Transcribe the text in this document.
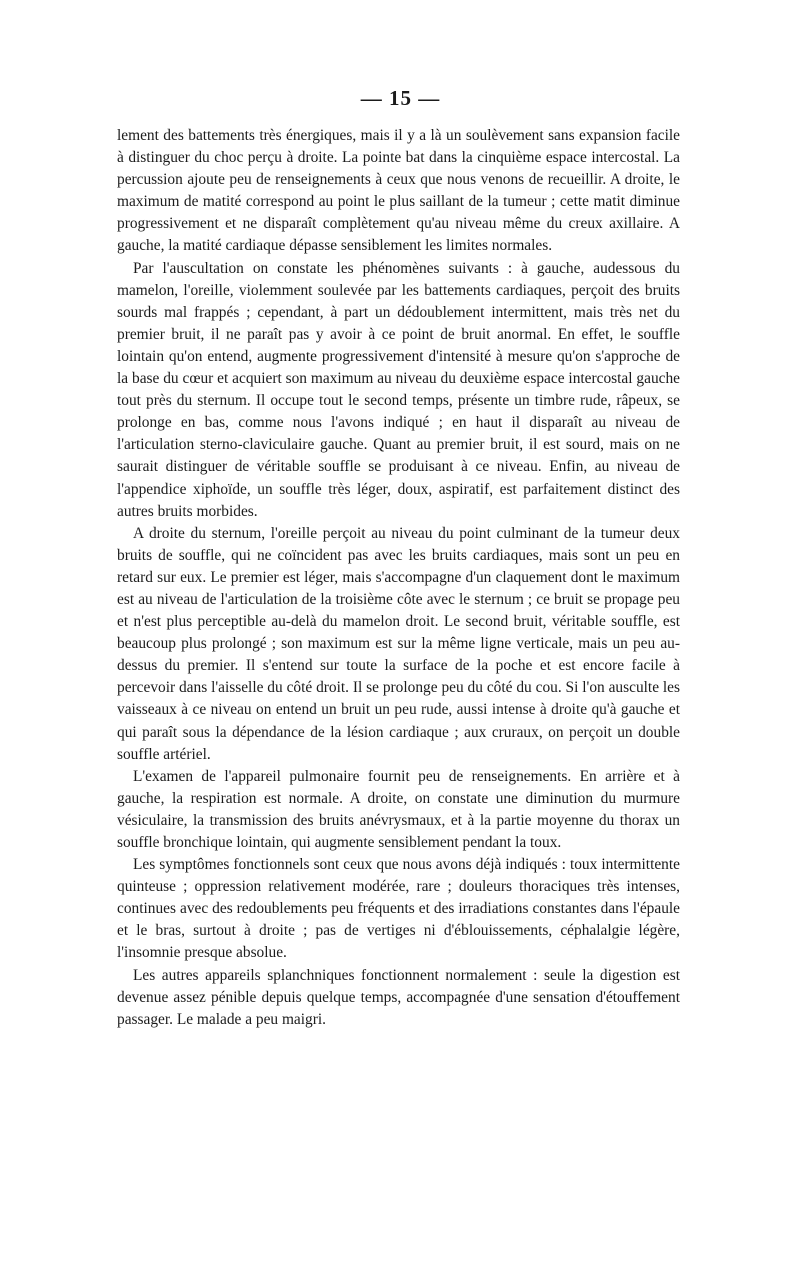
— 15 —

lement des battements très énergiques, mais il y a là un soulèvement sans expansion facile à distinguer du choc perçu à droite. La pointe bat dans la cinquième espace intercostal. La percussion ajoute peu de renseignements à ceux que nous venons de recueillir. A droite, le maximum de matité correspond au point le plus saillant de la tumeur ; cette matit diminue progressivement et ne disparaît complètement qu'au niveau même du creux axillaire. A gauche, la matité cardiaque dépasse sensiblement les limites normales.

Par l'auscultation on constate les phénomènes suivants : à gauche, audessous du mamelon, l'oreille, violemment soulevée par les battements cardiaques, perçoit des bruits sourds mal frappés ; cependant, à part un dédoublement intermittent, mais très net du premier bruit, il ne paraît pas y avoir à ce point de bruit anormal. En effet, le souffle lointain qu'on entend, augmente progressivement d'intensité à mesure qu'on s'approche de la base du cœur et acquiert son maximum au niveau du deuxième espace intercostal gauche tout près du sternum. Il occupe tout le second temps, présente un timbre rude, râpeux, se prolonge en bas, comme nous l'avons indiqué ; en haut il disparaît au niveau de l'articulation sterno-claviculaire gauche. Quant au premier bruit, il est sourd, mais on ne saurait distinguer de véritable souffle se produisant à ce niveau. Enfin, au niveau de l'appendice xiphoïde, un souffle très léger, doux, aspiratif, est parfaitement distinct des autres bruits morbides.

A droite du sternum, l'oreille perçoit au niveau du point culminant de la tumeur deux bruits de souffle, qui ne coïncident pas avec les bruits cardiaques, mais sont un peu en retard sur eux. Le premier est léger, mais s'accompagne d'un claquement dont le maximum est au niveau de l'articulation de la troisième côte avec le sternum ; ce bruit se propage peu et n'est plus perceptible au-delà du mamelon droit. Le second bruit, véritable souffle, est beaucoup plus prolongé ; son maximum est sur la même ligne verticale, mais un peu au-dessus du premier. Il s'entend sur toute la surface de la poche et est encore facile à percevoir dans l'aisselle du côté droit. Il se prolonge peu du côté du cou. Si l'on ausculte les vaisseaux à ce niveau on entend un bruit un peu rude, aussi intense à droite qu'à gauche et qui paraît sous la dépendance de la lésion cardiaque ; aux cruraux, on perçoit un double souffle artériel.

L'examen de l'appareil pulmonaire fournit peu de renseignements. En arrière et à gauche, la respiration est normale. A droite, on constate une diminution du murmure vésiculaire, la transmission des bruits anévrysmaux, et à la partie moyenne du thorax un souffle bronchique lointain, qui augmente sensiblement pendant la toux.

Les symptômes fonctionnels sont ceux que nous avons déjà indiqués : toux intermittente quinteuse ; oppression relativement modérée, rare ; douleurs thoraciques très intenses, continues avec des redoublements peu fréquents et des irradiations constantes dans l'épaule et le bras, surtout à droite ; pas de vertiges ni d'éblouissements, céphalalgie légère, l'insomnie presque absolue.

Les autres appareils splanchniques fonctionnent normalement : seule la digestion est devenue assez pénible depuis quelque temps, accompagnée d'une sensation d'étouffement passager. Le malade a peu maigri.
